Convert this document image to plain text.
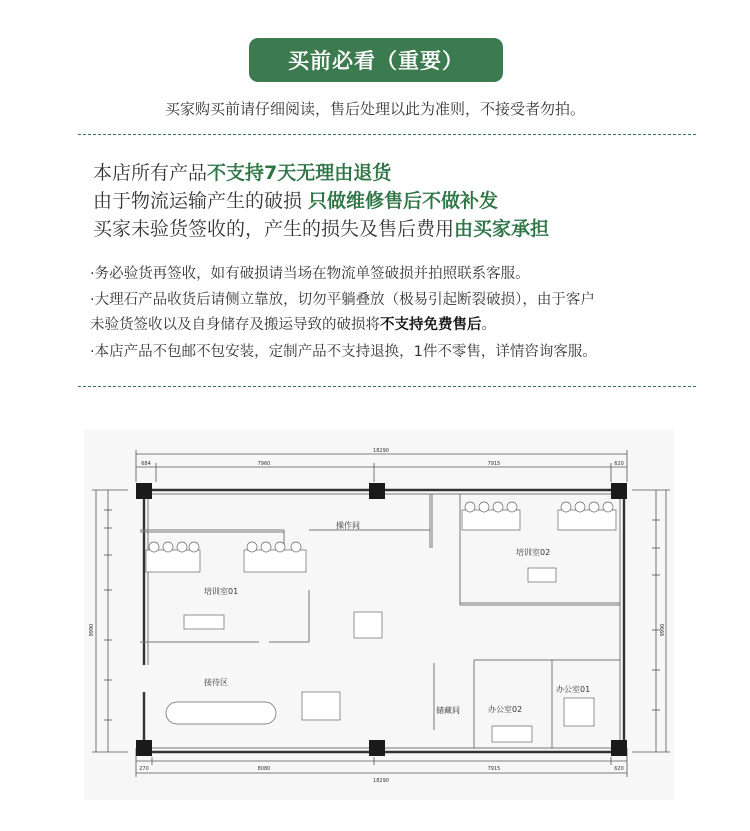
买前必看（重要）
买家购买前请仔细阅读，售后处理以此为准则，不接受者勿拍。
本店所有产品不支持7天无理由退货
由于物流运输产生的破损 只做维修售后不做补发
买家未验货签收的，产生的损失及售后费用由买家承担
·务必验货再签收，如有破损请当场在物流单签破损并拍照联系客服。
·大理石产品收货后请侧立靠放，切勿平躺叠放（极易引起断裂破损），由于客户
未验货签收以及自身储存及搬运导致的破损将不支持免费售后。
·本店产品不包邮不包安装，定制产品不支持退换，1件不零售，详情咨询客服。
操作间
培训室02
培训室01
接待区
储藏间	办公室02
办公室01
18290
684	7960	7915	620
270	8080	7915	620
18290
9990	9990
